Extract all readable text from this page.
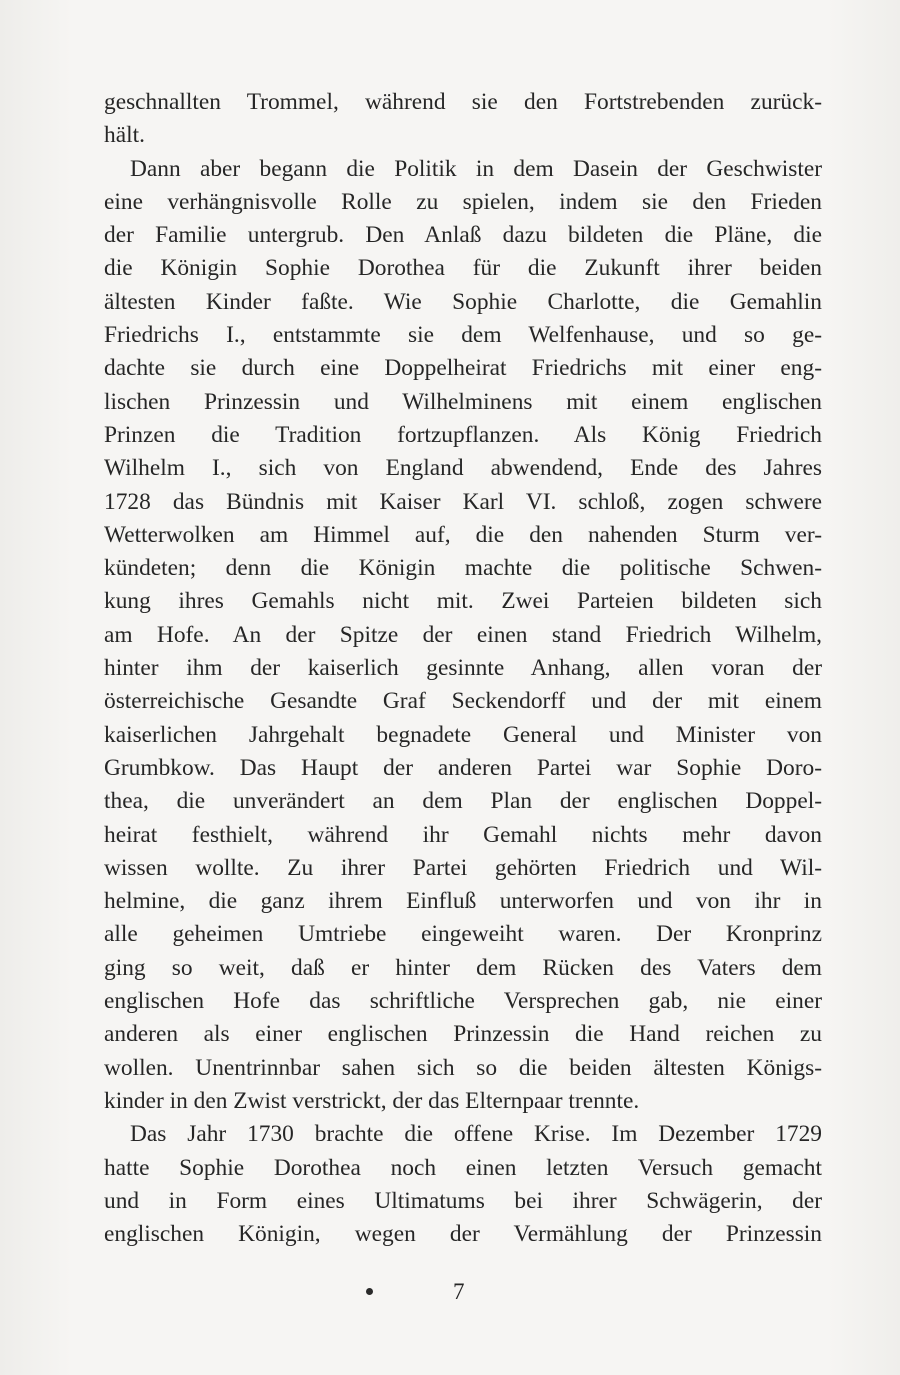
geschnallten Trommel, während sie den Fortstrebenden zurück-
hält.
Dann aber begann die Politik in dem Dasein der Geschwister
eine verhängnisvolle Rolle zu spielen, indem sie den Frieden
der Familie untergrub. Den Anlaß dazu bildeten die Pläne, die
die Königin Sophie Dorothea für die Zukunft ihrer beiden
ältesten Kinder faßte. Wie Sophie Charlotte, die Gemahlin
Friedrichs I., entstammte sie dem Welfenhause, und so ge-
dachte sie durch eine Doppelheirat Friedrichs mit einer eng-
lischen Prinzessin und Wilhelminens mit einem englischen
Prinzen die Tradition fortzupflanzen. Als König Friedrich
Wilhelm I., sich von England abwendend, Ende des Jahres
1728 das Bündnis mit Kaiser Karl VI. schloß, zogen schwere
Wetterwolken am Himmel auf, die den nahenden Sturm ver-
kündeten; denn die Königin machte die politische Schwen-
kung ihres Gemahls nicht mit. Zwei Parteien bildeten sich
am Hofe. An der Spitze der einen stand Friedrich Wilhelm,
hinter ihm der kaiserlich gesinnte Anhang, allen voran der
österreichische Gesandte Graf Seckendorff und der mit einem
kaiserlichen Jahrgehalt begnadete General und Minister von
Grumbkow. Das Haupt der anderen Partei war Sophie Doro-
thea, die unverändert an dem Plan der englischen Doppel-
heirat festhielt, während ihr Gemahl nichts mehr davon
wissen wollte. Zu ihrer Partei gehörten Friedrich und Wil-
helmine, die ganz ihrem Einfluß unterworfen und von ihr in
alle geheimen Umtriebe eingeweiht waren. Der Kronprinz
ging so weit, daß er hinter dem Rücken des Vaters dem
englischen Hofe das schriftliche Versprechen gab, nie einer
anderen als einer englischen Prinzessin die Hand reichen zu
wollen. Unentrinnbar sahen sich so die beiden ältesten Königs-
kinder in den Zwist verstrickt, der das Elternpaar trennte.
Das Jahr 1730 brachte die offene Krise. Im Dezember 1729
hatte Sophie Dorothea noch einen letzten Versuch gemacht
und in Form eines Ultimatums bei ihrer Schwägerin, der
englischen Königin, wegen der Vermählung der Prinzessin
7
